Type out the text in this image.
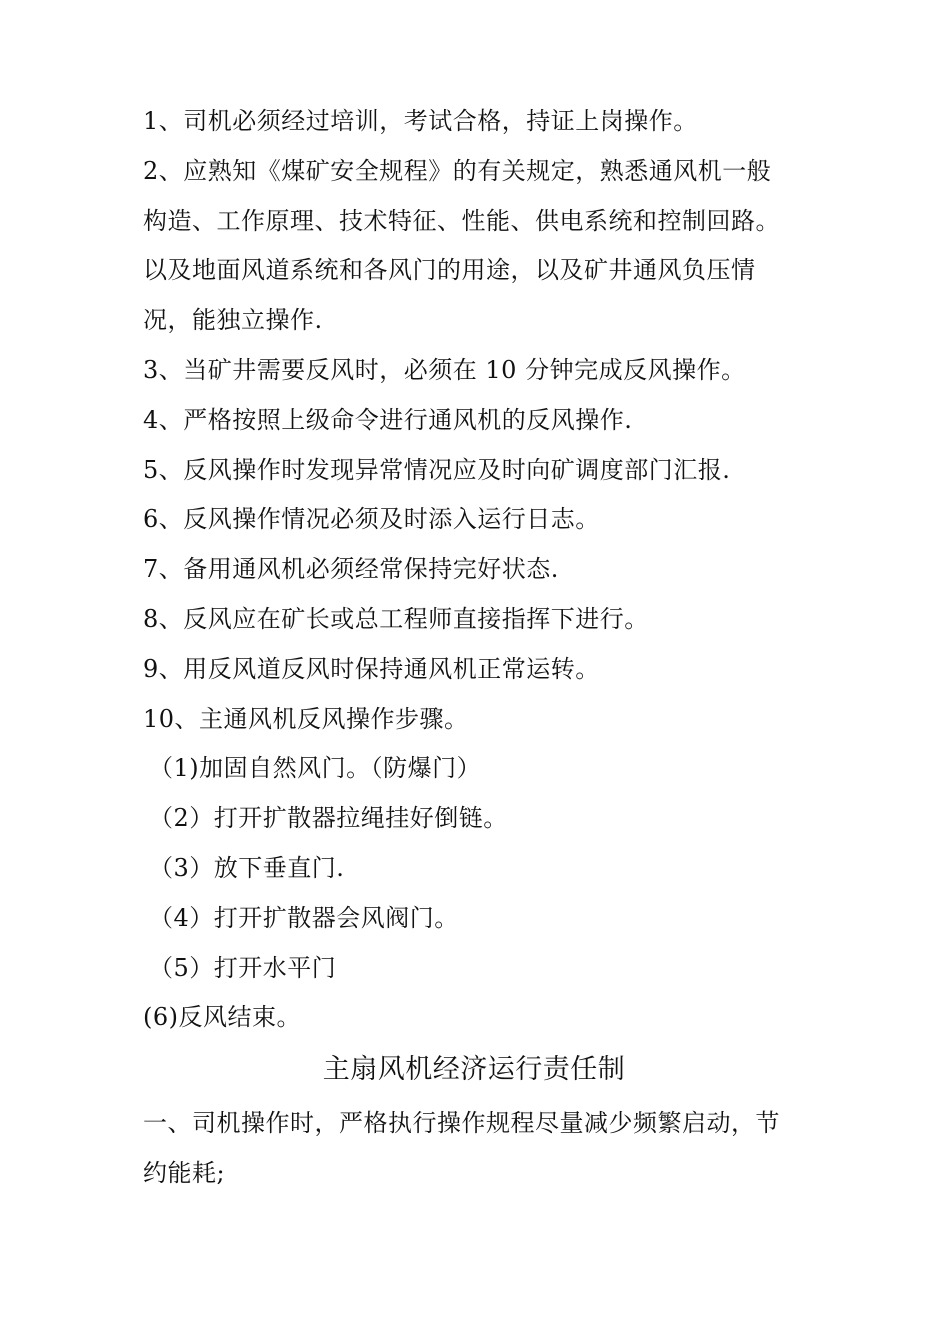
1、司机必须经过培训，考试合格，持证上岗操作。
2、应熟知《煤矿安全规程》的有关规定，熟悉通风机一般
构造、工作原理、技术特征、性能、供电系统和控制回路。
以及地面风道系统和各风门的用途，以及矿井通风负压情
况，能独立操作.
3、当矿井需要反风时，必须在 10 分钟完成反风操作。
4、严格按照上级命令进行通风机的反风操作.
5、反风操作时发现异常情况应及时向矿调度部门汇报.
6、反风操作情况必须及时添入运行日志。
7、备用通风机必须经常保持完好状态.
8、反风应在矿长或总工程师直接指挥下进行。
9、用反风道反风时保持通风机正常运转。
10、主通风机反风操作步骤。
（1)加固自然风门。（防爆门）
（2）打开扩散器拉绳挂好倒链。
（3）放下垂直门.
（4）打开扩散器会风阀门。
（5）打开水平门
(6)反风结束。
主扇风机经济运行责任制
一、司机操作时，严格执行操作规程尽量减少频繁启动，节
约能耗;
